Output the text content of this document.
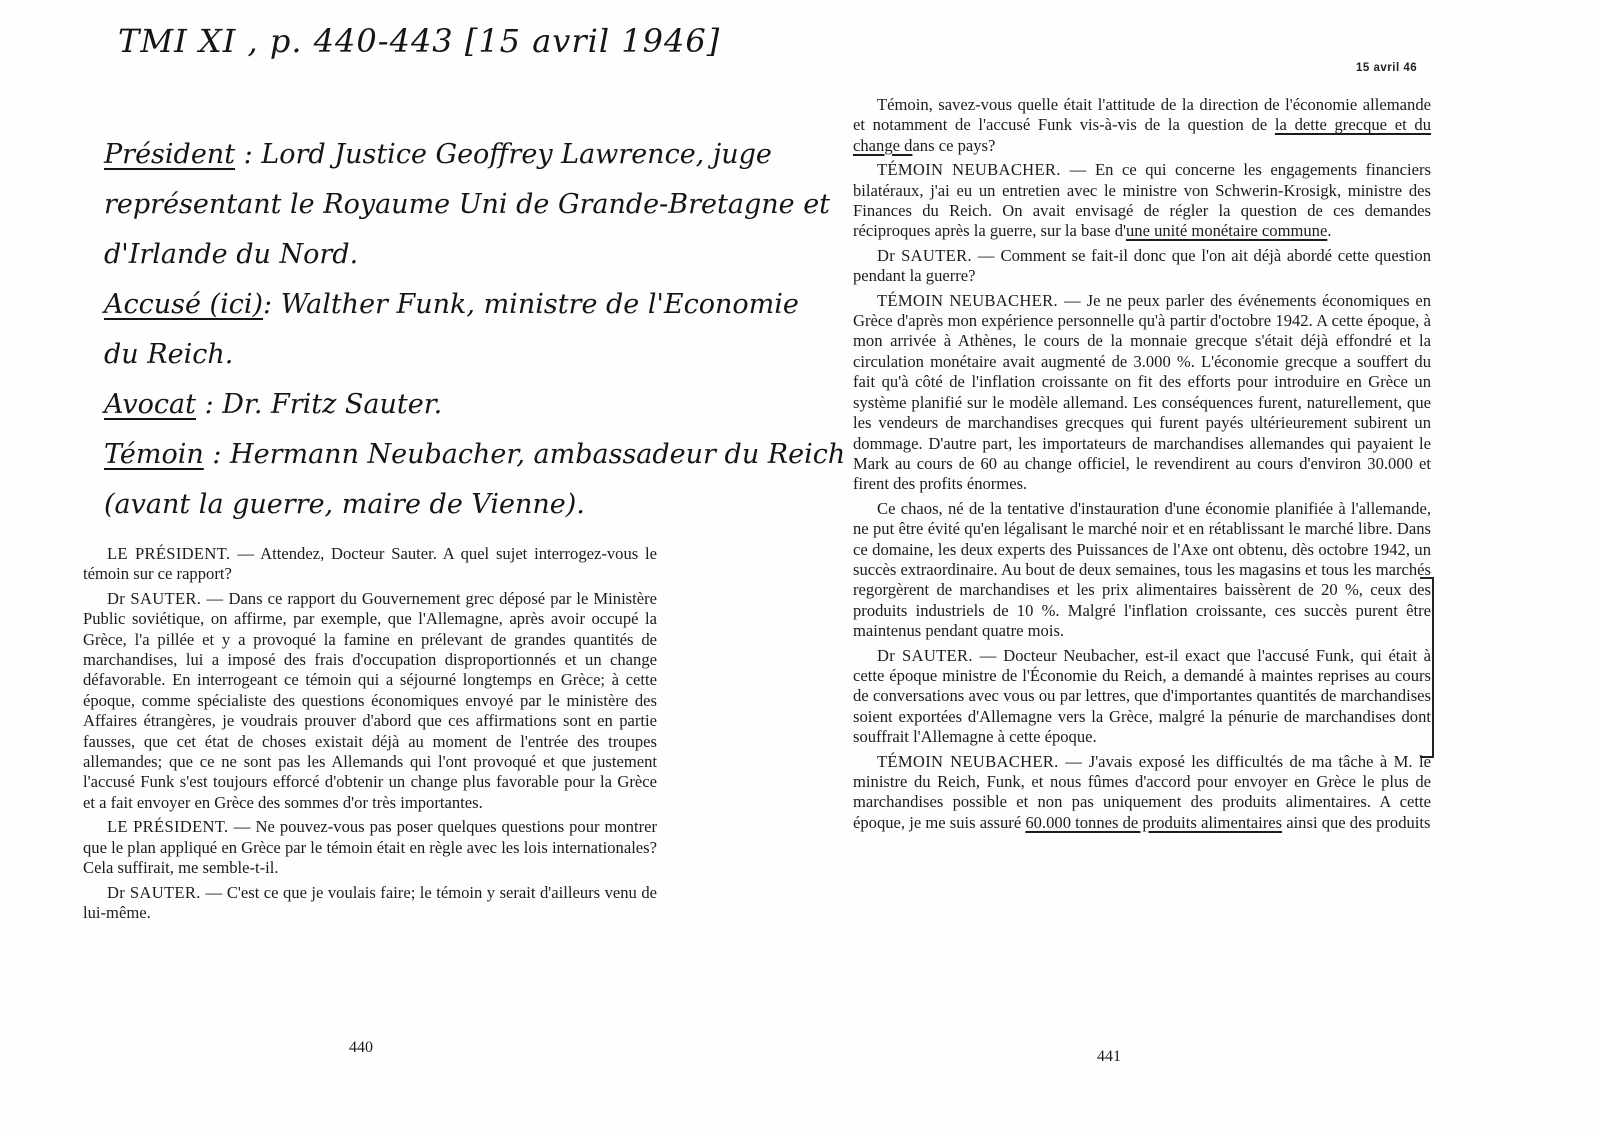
TMI XI , p. 440-443 [15 avril 1946]
Président : Lord Justice Geoffrey Lawrence, juge
représentant le Royaume Uni de Grande-Bretagne et
d'Irlande du Nord.
Accusé (ici): Walther Funk, ministre de l'Economie
du Reich.
Avocat : Dr. Fritz Sauter.
Témoin : Hermann Neubacher, ambassadeur du Reich
(avant la guerre, maire de Vienne).

LE PRÉSIDENT. — Attendez, Docteur Sauter. A quel sujet interrogez-vous le témoin sur ce rapport?

Dr SAUTER. — Dans ce rapport du Gouvernement grec déposé par le Ministère Public soviétique, on affirme, par exemple, que l'Allemagne, après avoir occupé la Grèce, l'a pillée et y a provoqué la famine en prélevant de grandes quantités de marchandises, lui a imposé des frais d'occupation disproportionnés et un change défavorable. En interrogeant ce témoin qui a séjourné longtemps en Grèce; à cette époque, comme spécialiste des questions économiques envoyé par le ministère des Affaires étrangères, je voudrais prouver d'abord que ces affirmations sont en partie fausses, que cet état de choses existait déjà au moment de l'entrée des troupes allemandes; que ce ne sont pas les Allemands qui l'ont provoqué et que justement l'accusé Funk s'est toujours efforcé d'obtenir un change plus favorable pour la Grèce et a fait envoyer en Grèce des sommes d'or très importantes.

LE PRÉSIDENT. — Ne pouvez-vous pas poser quelques questions pour montrer que le plan appliqué en Grèce par le témoin était en règle avec les lois internationales? Cela suffirait, me semble-t-il.

Dr SAUTER. — C'est ce que je voulais faire; le témoin y serait d'ailleurs venu de lui-même.

440
15 avril 46

Témoin, savez-vous quelle était l'attitude de la direction de l'économie allemande et notamment de l'accusé Funk vis-à-vis de la question de la dette grecque et du change dans ce pays?

TÉMOIN NEUBACHER. — En ce qui concerne les engagements financiers bilatéraux, j'ai eu un entretien avec le ministre von Schwerin-Krosigk, ministre des Finances du Reich. On avait envisagé de régler la question de ces demandes réciproques après la guerre, sur la base d'une unité monétaire commune.

Dr SAUTER. — Comment se fait-il donc que l'on ait déjà abordé cette question pendant la guerre?

TÉMOIN NEUBACHER. — Je ne peux parler des événements économiques en Grèce d'après mon expérience personnelle qu'à partir d'octobre 1942. A cette époque, à mon arrivée à Athènes, le cours de la monnaie grecque s'était déjà effondré et la circulation monétaire avait augmenté de 3.000 %. L'économie grecque a souffert du fait qu'à côté de l'inflation croissante on fit des efforts pour introduire en Grèce un système planifié sur le modèle allemand. Les conséquences furent, naturellement, que les vendeurs de marchandises grecques qui furent payés ultérieurement subirent un dommage. D'autre part, les importateurs de marchandises allemandes qui payaient le Mark au cours de 60 au change officiel, le revendirent au cours d'environ 30.000 et firent des profits énormes.

Ce chaos, né de la tentative d'instauration d'une économie planifiée à l'allemande, ne put être évité qu'en légalisant le marché noir et en rétablissant le marché libre. Dans ce domaine, les deux experts des Puissances de l'Axe ont obtenu, dès octobre 1942, un succès extraordinaire. Au bout de deux semaines, tous les magasins et tous les marchés regorgèrent de marchandises et les prix alimentaires baissèrent de 20 %, ceux des produits industriels de 10 %. Malgré l'inflation croissante, ces succès purent être maintenus pendant quatre mois.

Dr SAUTER. — Docteur Neubacher, est-il exact que l'accusé Funk, qui était à cette époque ministre de l'Économie du Reich, a demandé à maintes reprises au cours de conversations avec vous ou par lettres, que d'importantes quantités de marchandises soient exportées d'Allemagne vers la Grèce, malgré la pénurie de marchandises dont souffrait l'Allemagne à cette époque.

TÉMOIN NEUBACHER. — J'avais exposé les difficultés de ma tâche à M. le ministre du Reich, Funk, et nous fûmes d'accord pour envoyer en Grèce le plus de marchandises possible et non pas uniquement des produits alimentaires. A cette époque, je me suis assuré 60.000 tonnes de produits alimentaires ainsi que des produits

441
